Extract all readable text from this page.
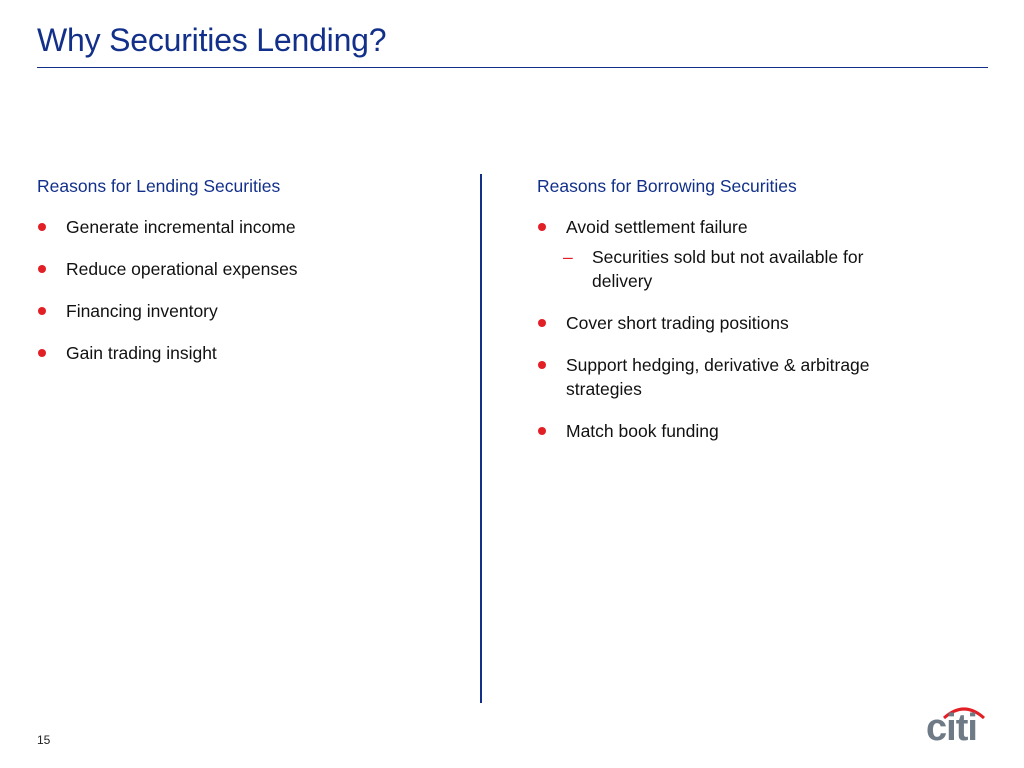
Why Securities Lending?
Reasons for Lending Securities
Generate incremental income
Reduce operational expenses
Financing inventory
Gain trading insight
Reasons for Borrowing Securities
Avoid settlement failure
– Securities sold but not available for delivery
Cover short trading positions
Support hedging, derivative & arbitrage strategies
Match book funding
15	citi
